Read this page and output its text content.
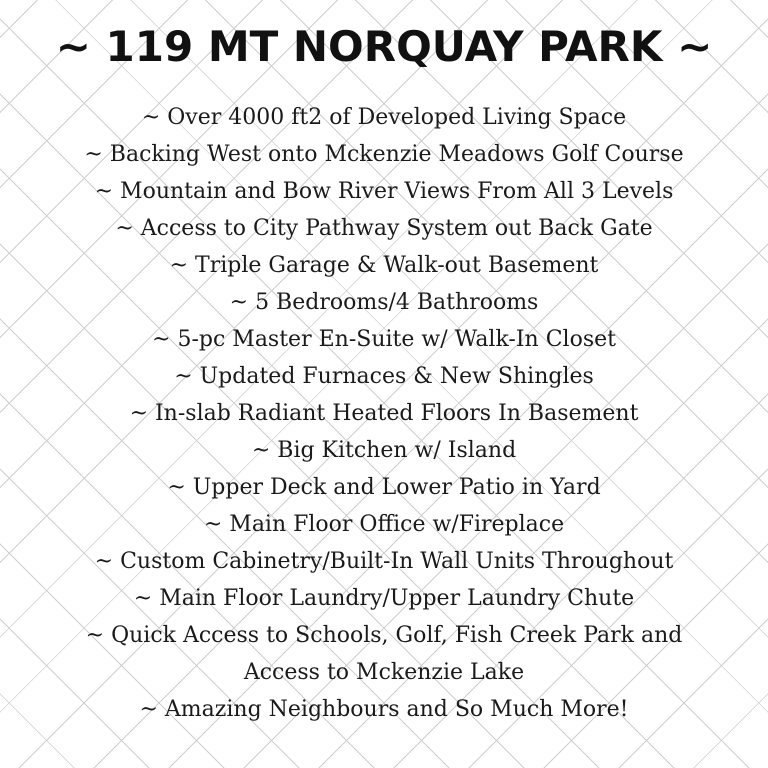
~ 119 MT NORQUAY PARK ~
~ Over 4000 ft2 of Developed Living Space
~ Backing West onto Mckenzie Meadows Golf Course
~ Mountain and Bow River Views From All 3 Levels
~ Access to City Pathway System out Back Gate
~ Triple Garage & Walk-out Basement
~ 5 Bedrooms/4 Bathrooms
~ 5-pc Master En-Suite w/ Walk-In Closet
~ Updated Furnaces & New Shingles
~ In-slab Radiant Heated Floors In Basement
~ Big Kitchen w/ Island
~ Upper Deck and Lower Patio in Yard
~ Main Floor Office w/Fireplace
~ Custom Cabinetry/Built-In Wall Units Throughout
~ Main Floor Laundry/Upper Laundry Chute
~ Quick Access to Schools, Golf, Fish Creek Park and
Access to Mckenzie Lake
~ Amazing Neighbours and So Much More!
